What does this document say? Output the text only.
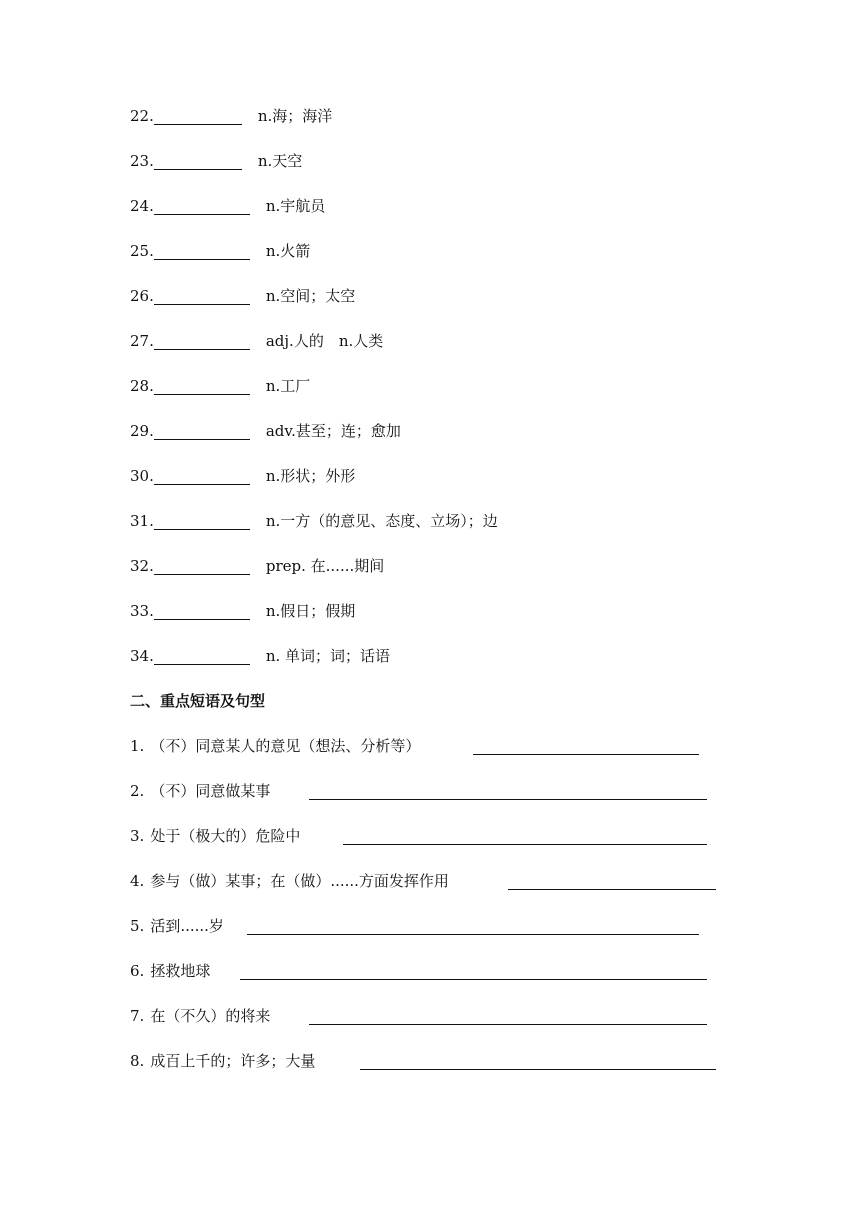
22.	n.海；海洋
23.	n.天空
24.	n.宇航员
25.	n.火箭
26.	n.空间；太空
27.	adj.人的　n.人类
28.	n.工厂
29.	adv.甚至；连；愈加
30.	n.形状；外形
31.	n.一方（的意见、态度、立场）；边
32.	prep. 在......期间
33.	n.假日；假期
34.	n. 单词；词；话语
二、重点短语及句型
1. （不）同意某人的意见（想法、分析等）
2. （不）同意做某事
3. 处于（极大的）危险中
4. 参与（做）某事；在（做）......方面发挥作用
5. 活到......岁
6. 拯救地球
7. 在（不久）的将来
8. 成百上千的；许多；大量
